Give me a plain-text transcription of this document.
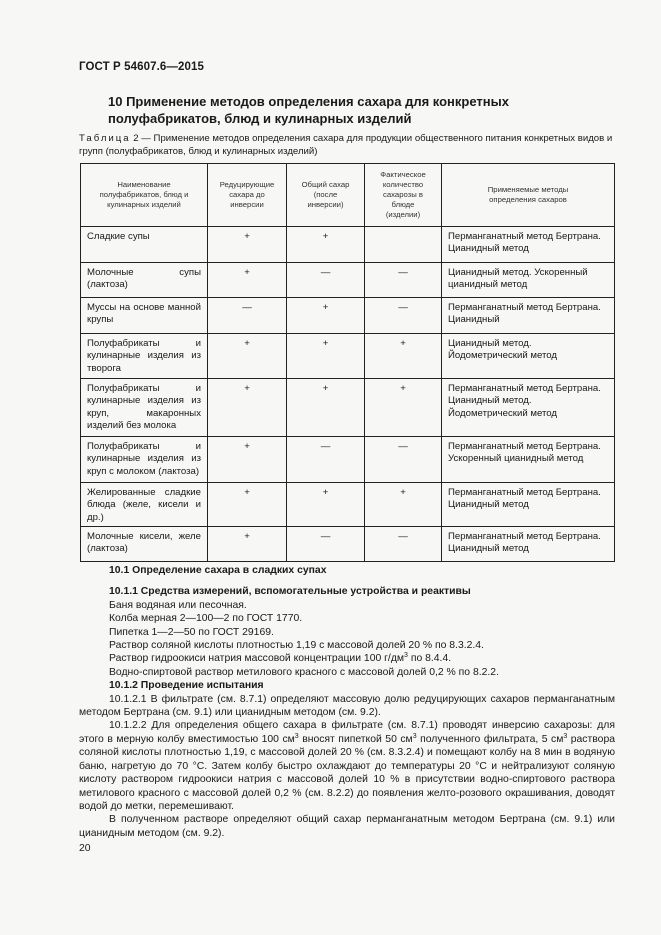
ГОСТ Р 54607.6—2015
10 Применение методов определения сахара для конкретных полуфабрикатов, блюд и кулинарных изделий
Таблица 2 — Применение методов определения сахара для продукции общественного питания конкретных видов и групп (полуфабрикатов, блюд и кулинарных изделий)
Наименование полуфабрикатов, блюд и кулинарных изделий	Редуцирующие сахара до инверсии	Общий сахар (после инверсии)	Фактическое количество сахарозы в блюде (изделии)	Применяемые методы определения сахаров
Сладкие супы	+	+		Перманганатный метод Бертрана. Цианидный метод
Молочные супы (лактоза)	+	—	—	Цианидный метод. Ускоренный цианидный метод
Муссы на основе манной крупы	—	+	—	Перманганатный метод Бертрана. Цианидный
Полуфабрикаты и кулинарные изделия из творога	+	+	+	Цианидный метод. Йодометрический метод
Полуфабрикаты и кулинарные изделия из круп, макаронных изделий без молока	+	+	+	Перманганатный метод Бертрана. Цианидный метод. Йодометрический метод
Полуфабрикаты и кулинарные изделия из круп с молоком (лактоза)	+	—	—	Перманганатный метод Бертрана. Ускоренный цианидный метод
Желированные сладкие блюда (желе, кисели и др.)	+	+	+	Перманганатный метод Бертрана. Цианидный метод
Молочные кисели, желе (лактоза)	+	—	—	Перманганатный метод Бертрана. Цианидный метод

10.1 Определение сахара в сладких супах

10.1.1 Средства измерений, вспомогательные устройства и реактивы

Баня водяная или песочная.

Колба мерная 2—100—2 по ГОСТ 1770.

Пипетка 1—2—50 по ГОСТ 29169.

Раствор соляной кислоты плотностью 1,19 с массовой долей 20 % по 8.3.2.4.

Раствор гидроокиси натрия массовой концентрации 100 $г/дм^3$ по 8.4.4.

Водно-спиртовой раствор метилового красного с массовой долей 0,2 % по 8.2.2.

10.1.2 Проведение испытания

10.1.2.1 В фильтрате (см. 8.7.1) определяют массовую долю редуцирующих сахаров перманганатным методом Бертрана (см. 9.1) или цианидным методом (см. 9.2).

10.1.2.2 Для определения общего сахара в фильтрате (см. 8.7.1) проводят инверсию сахарозы: для этого в мерную колбу вместимостью 100 $см^3$ вносят пипеткой 50 $см^3$ полученного фильтрата, 5 $см^3$ раствора соляной кислоты плотностью 1,19, с массовой долей 20 % (см. 8.3.2.4) и помещают колбу на 8 мин в водяную баню, нагретую до 70 °С. Затем колбу быстро охлаждают до температуры 20 °С и нейтрализуют соляную кислоту раствором гидроокиси натрия с массовой долей 10 % в присутствии водно-спиртового раствора метилового красного с массовой долей 0,2 % (см. 8.2.2) до появления желто-розового окрашивания, доводят водой до метки, перемешивают.

В полученном растворе определяют общий сахар перманганатным методом Бертрана (см. 9.1) или цианидным методом (см. 9.2).

20
